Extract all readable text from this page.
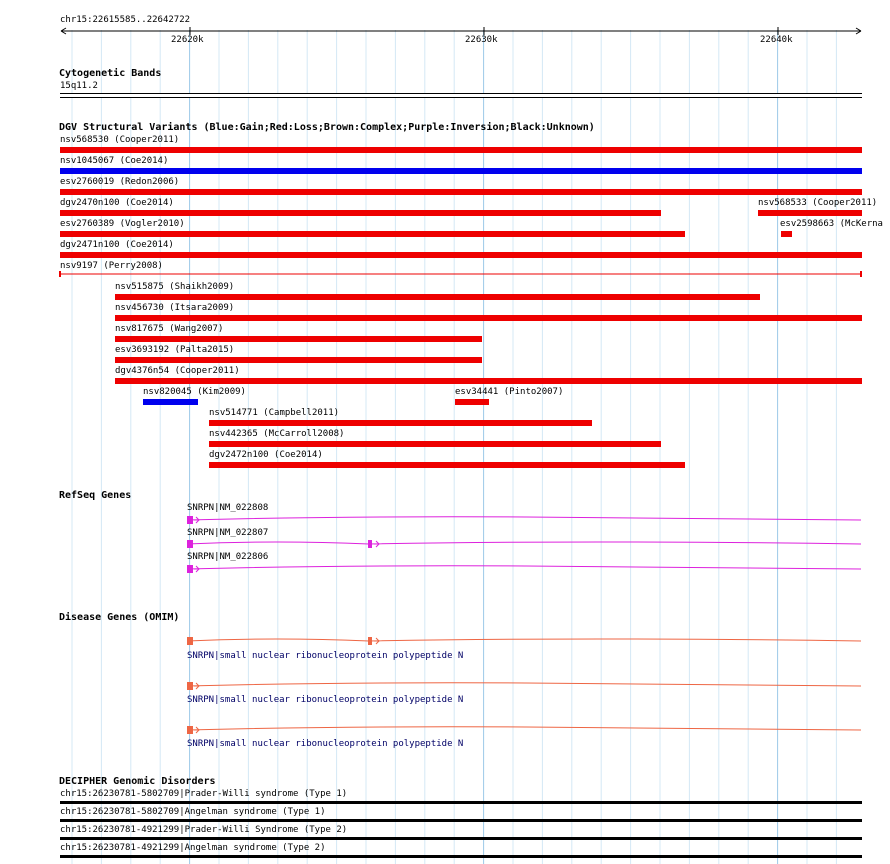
chr15:22615585..22642722
22620k	22630k	22640k
Cytogenetic Bands
15q11.2
DGV Structural Variants (Blue:Gain;Red:Loss;Brown:Complex;Purple:Inversion;Black:Unknown)
nsv568530 (Cooper2011)
nsv1045067 (Coe2014)
esv2760019 (Redon2006)
dgv2470n100 (Coe2014)	nsv568533 (Cooper2011)
esv2760389 (Vogler2010)	esv2598663 (McKerna
dgv2471n100 (Coe2014)
nsv9197 (Perry2008)
nsv515875 (Shaikh2009)
nsv456730 (Itsara2009)
nsv817675 (Wang2007)
esv3693192 (Palta2015)
dgv4376n54 (Cooper2011)
nsv820045 (Kim2009)	esv34441 (Pinto2007)
nsv514771 (Campbell2011)
nsv442365 (McCarroll2008)
dgv2472n100 (Coe2014)
RefSeq Genes
SNRPN|NM_022808
SNRPN|NM_022807
SNRPN|NM_022806
Disease Genes (OMIM)
SNRPN|small nuclear ribonucleoprotein polypeptide N
SNRPN|small nuclear ribonucleoprotein polypeptide N
SNRPN|small nuclear ribonucleoprotein polypeptide N
DECIPHER Genomic Disorders
chr15:26230781-5802709|Prader-Willi syndrome (Type 1)
chr15:26230781-5802709|Angelman syndrome (Type 1)
chr15:26230781-4921299|Prader-Willi Syndrome (Type 2)
chr15:26230781-4921299|Angelman syndrome (Type 2)
